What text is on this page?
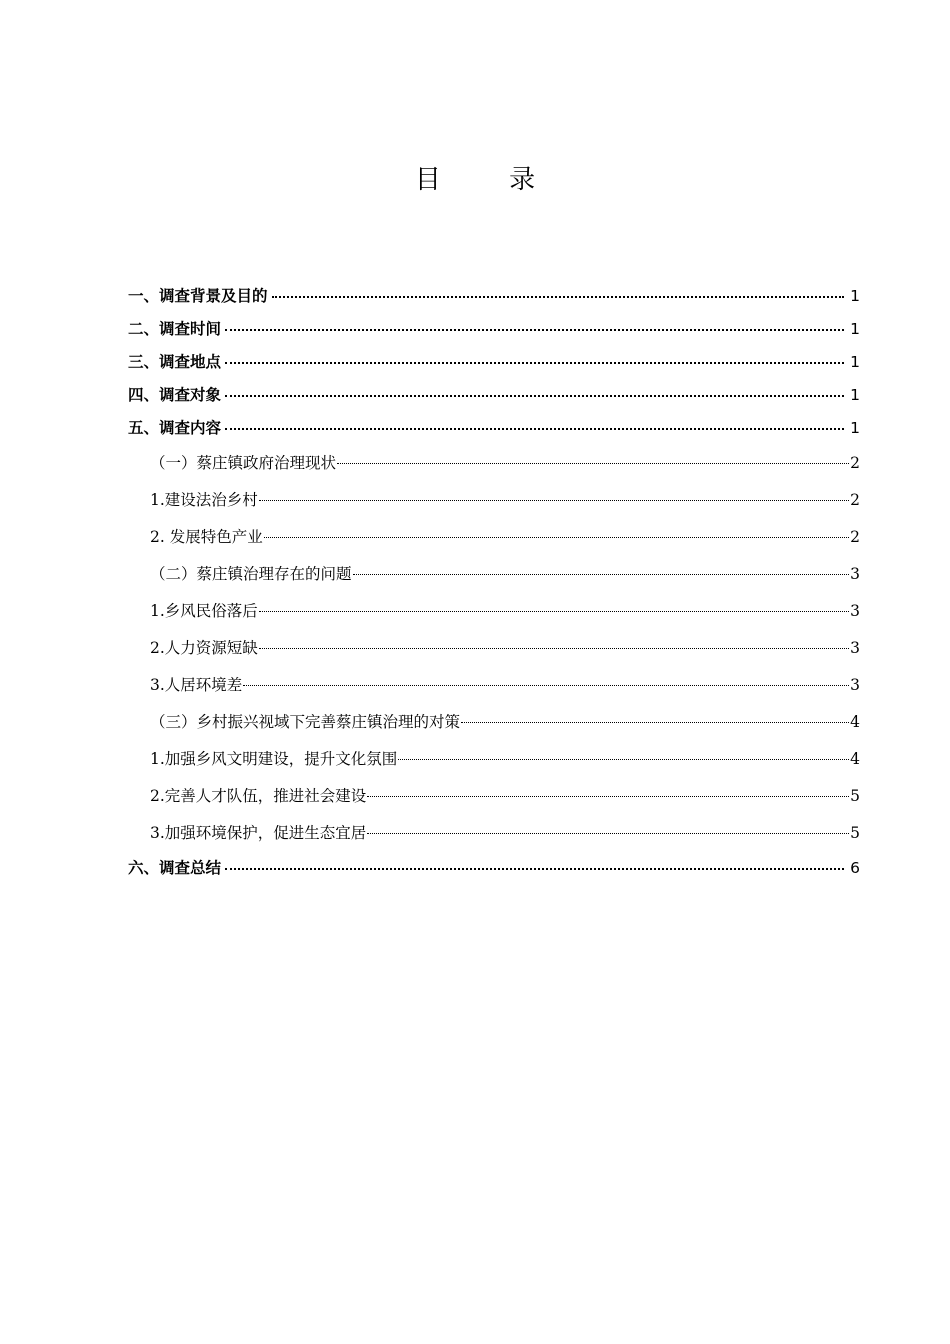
目 录
一、调查背景及目的	1
二、调查时间	1
三、调查地点	1
四、调查对象	1
五、调查内容	1
（一）蔡庄镇政府治理现状	2
1.建设法治乡村	2
2. 发展特色产业	2
（二）蔡庄镇治理存在的问题	3
1.乡风民俗落后	3
2.人力资源短缺	3
3.人居环境差	3
（三）乡村振兴视域下完善蔡庄镇治理的对策	4
1.加强乡风文明建设，提升文化氛围	4
2.完善人才队伍，推进社会建设	5
3.加强环境保护，促进生态宜居	5
六、调查总结	6
